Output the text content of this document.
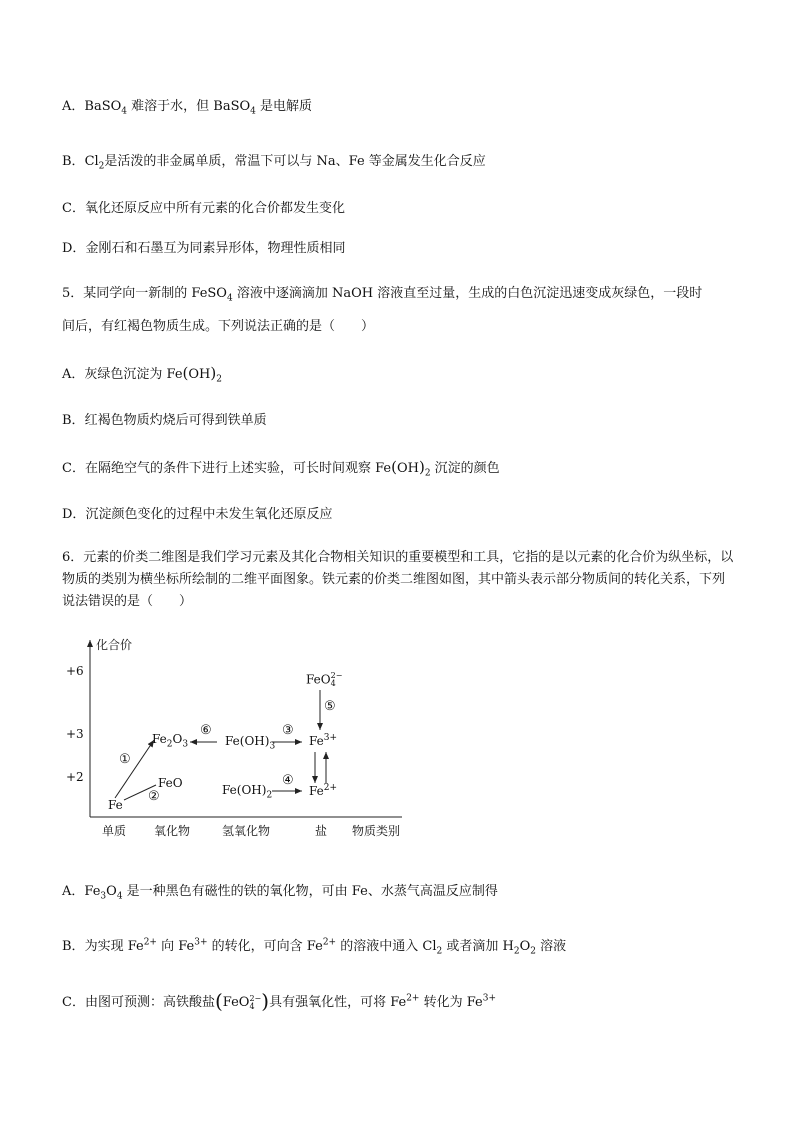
A．BaSO$_4$ 难溶于水，但 BaSO$_4$ 是电解质
B．$Cl_2$是活泼的非金属单质，常温下可以与 Na、Fe 等金属发生化合反应
C．氧化还原反应中所有元素的化合价都发生变化
D．金刚石和石墨互为同素异形体，物理性质相同
5．某同学向一新制的 FeSO$_4$ 溶液中逐滴滴加 NaOH 溶液直至过量，生成的白色沉淀迅速变成灰绿色，一段时
间后，有红褐色物质生成。下列说法正确的是（　　）
A．灰绿色沉淀为 $Fe(OH)_2$
B．红褐色物质灼烧后可得到铁单质
C．在隔绝空气的条件下进行上述实验，可长时间观察 $Fe(OH)_2$ 沉淀的颜色
D．沉淀颜色变化的过程中未发生氧化还原反应
6．元素的价类二维图是我们学习元素及其化合物相关知识的重要模型和工具，它指的是以元素的化合价为纵坐标，以物质的类别为横坐标所绘制的二维平面图象。铁元素的价类二维图如图，其中箭头表示部分物质间的转化关系，下列说法错误的是（　　）
化合价
+6
+3
+2
单质 氧化物	氢氧化物	盐 物质类别
Fe
FeO
$Fe_2O_3$	$Fe(OH)_3$
$Fe(OH)_2$
$Fe^{3+}$
$Fe^{2+}$
FeO 2−
4
①
②
⑥	③
④
⑤
A．$Fe_3O_4$ 是一种黑色有磁性的铁的氧化物，可由 Fe、水蒸气高温反应制得
B．为实现 $Fe^{2+}$ 向 $Fe^{3+}$ 的转化，可向含 $Fe^{2+}$ 的溶液中通入 $Cl_2$ 或者滴加 $H_2O_2$ 溶液
C．由图可预测：高铁酸盐(FeO 2−
4 )具有强氧化性，可将 $Fe^{2+}$ 转化为 $Fe^{3+}$
